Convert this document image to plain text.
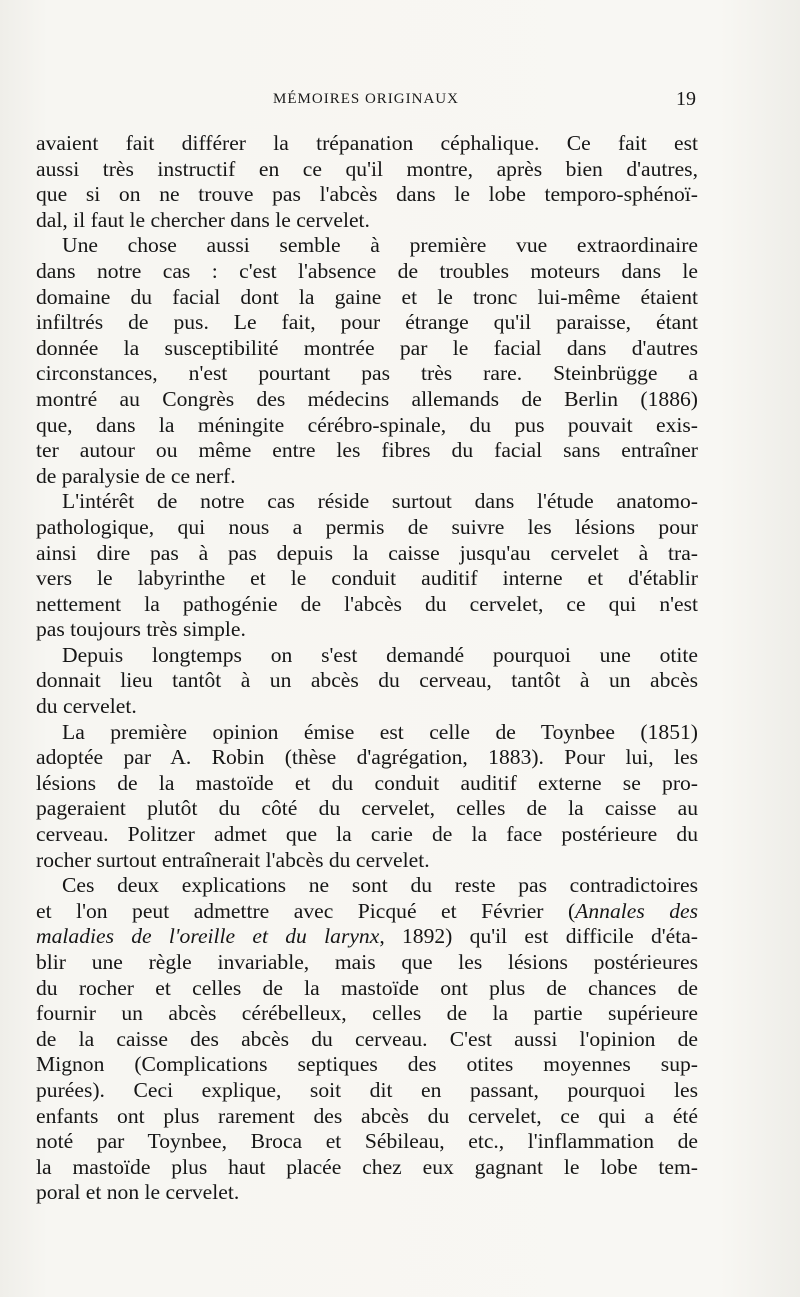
MÉMOIRES ORIGINAUX	19

avaient fait différer la trépanation céphalique. Ce fait est
aussi très instructif en ce qu'il montre, après bien d'autres,
que si on ne trouve pas l'abcès dans le lobe temporo-sphénoï-
dal, il faut le chercher dans le cervelet.

Une chose aussi semble à première vue extraordinaire
dans notre cas : c'est l'absence de troubles moteurs dans le
domaine du facial dont la gaine et le tronc lui-même étaient
infiltrés de pus. Le fait, pour étrange qu'il paraisse, étant
donnée la susceptibilité montrée par le facial dans d'autres
circonstances, n'est pourtant pas très rare. Steinbrügge a
montré au Congrès des médecins allemands de Berlin (1886)
que, dans la méningite cérébro-spinale, du pus pouvait exis-
ter autour ou même entre les fibres du facial sans entraîner
de paralysie de ce nerf.

L'intérêt de notre cas réside surtout dans l'étude anatomo-
pathologique, qui nous a permis de suivre les lésions pour
ainsi dire pas à pas depuis la caisse jusqu'au cervelet à tra-
vers le labyrinthe et le conduit auditif interne et d'établir
nettement la pathogénie de l'abcès du cervelet, ce qui n'est
pas toujours très simple.

Depuis longtemps on s'est demandé pourquoi une otite
donnait lieu tantôt à un abcès du cerveau, tantôt à un abcès
du cervelet.

La première opinion émise est celle de Toynbee (1851)
adoptée par A. Robin (thèse d'agrégation, 1883). Pour lui, les
lésions de la mastoïde et du conduit auditif externe se pro-
pageraient plutôt du côté du cervelet, celles de la caisse au
cerveau. Politzer admet que la carie de la face postérieure du
rocher surtout entraînerait l'abcès du cervelet.

Ces deux explications ne sont du reste pas contradictoires
et l'on peut admettre avec Picqué et Février (Annales des
maladies de l'oreille et du larynx, 1892) qu'il est difficile d'éta-
blir une règle invariable, mais que les lésions postérieures
du rocher et celles de la mastoïde ont plus de chances de
fournir un abcès cérébelleux, celles de la partie supérieure
de la caisse des abcès du cerveau. C'est aussi l'opinion de
Mignon (Complications septiques des otites moyennes sup-
purées). Ceci explique, soit dit en passant, pourquoi les
enfants ont plus rarement des abcès du cervelet, ce qui a été
noté par Toynbee, Broca et Sébileau, etc., l'inflammation de
la mastoïde plus haut placée chez eux gagnant le lobe tem-
poral et non le cervelet.
